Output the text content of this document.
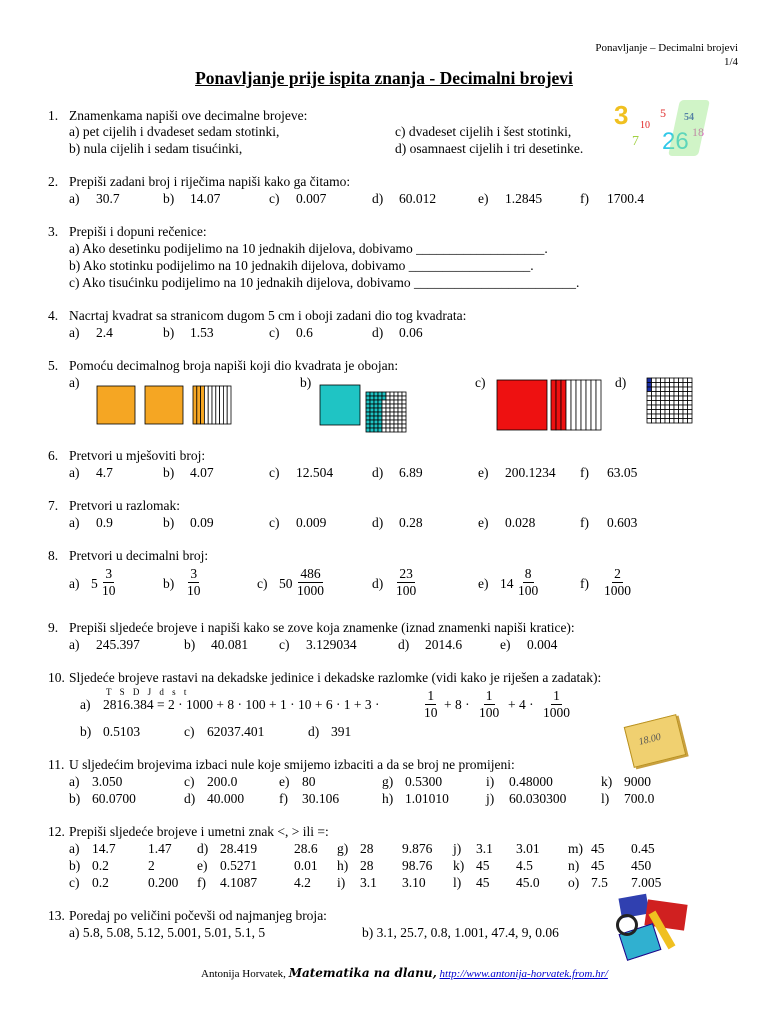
Ponavljanje – Decimalni brojevi
1/4
Ponavljanje prije ispita znanja - Decimalni brojevi
3 10
5 54
18
7 26
1. Znamenkama napiši ove decimalne brojeve:
a) pet cijelih i dvadeset sedam stotinki,
b) nula cijelih i sedam tisućinki,
c) dvadeset cijelih i šest stotinki,
d) osamnaest cijelih i tri desetinke.
2. Prepiši zadani broj i riječima napiši kako ga čitamo:
a) 30.7	b) 14.07	c) 0.007	d) 60.012	e) 1.2845	f) 1700.4
3. Prepiši i dopuni rečenice:
a) Ako desetinku podijelimo na 10 jednakih dijelova, dobivamo ___________________.
b) Ako stotinku podijelimo na 10 jednakih dijelova, dobivamo __________________.
c) Ako tisućinku podijelimo na 10 jednakih dijelova, dobivamo ________________________.
4. Nacrtaj kvadrat sa stranicom dugom 5 cm i oboji zadani dio tog kvadrata:
a) 2.4	b) 1.53	c) 0.6	d) 0.06
5. Pomoću decimalnog broja napiši koji dio kvadrata je obojan:
a)	b)	c)	d)
6. Pretvori u mješoviti broj:
a) 4.7	b) 4.07	c) 12.504	d) 6.89	e) 200.1234 f) 63.05
7. Pretvori u razlomak:
a) 0.9	b) 0.09	c) 0.009	d) 0.28	e) 0.028	f) 0.603
8. Pretvori u decimalni broj:
a) $5 \frac{3}{10}$	$b) \frac{3}{10}$	c) $50 \frac{486}{1000}$	$d) \frac{23}{100}$	e) $14 \frac{8}{100}$	$f) \frac{2}{1000}$
9. Prepiši sljedeće brojeve i napiši kako se zove koja znamenke (iznad znamenki napiši kratice):
a) 245.397	b) 40.081 c) 3.129034	d) 2014.6	e) 0.004
10. Sljedeće brojeve rastavi na dekadske jedinice i dekadske razlomke (vidi kako je riješen a zadatak):
T S D J d s t
a) 2816.384 = 2 · 1000 + 8 · 100 + 1 · 10 + 6 · 1 + 3 ·	$\frac{1}{10} + 8 \cdot \frac{1}{100} + 4 \cdot \frac{1}{1000}$
b) 0.5103	c) 62037.401	d) 391
18.00
11. U sljedećim brojevima izbaci nule koje smijemo izbaciti a da se broj ne promijeni:
a) 3.050	c) 200.0	e) 80	g) 0.5300	i) 0.48000	k) 9000
b) 60.0700	d) 40.000	f) 30.106	h) 1.01010	j) 60.030300	l) 700.0
12. Prepiši sljedeće brojeve i umetni znak <, > ili =:
a) 14.7 1.47 d) 28.419	28.6 g) 28 9.876 j) 3.1 3.01 m) 45 0.45
b) 0.2	2	e) 0.5271	0.01 h) 28 98.76 k) 45 4.5	n) 45 450
c) 0.2	0.200 f) 4.1087	4.2 i) 3.1 3.10 l) 45 45.0 o) 7.5 7.005
13. Poredaj po veličini počevši od najmanjeg broja:
a) 5.8, 5.08, 5.12, 5.001, 5.01, 5.1, 5	b) 3.1, 25.7, 0.8, 1.001, 47.4, 9, 0.06
Antonija Horvatek, Matematika na dlanu, http://www.antonija-horvatek.from.hr/
